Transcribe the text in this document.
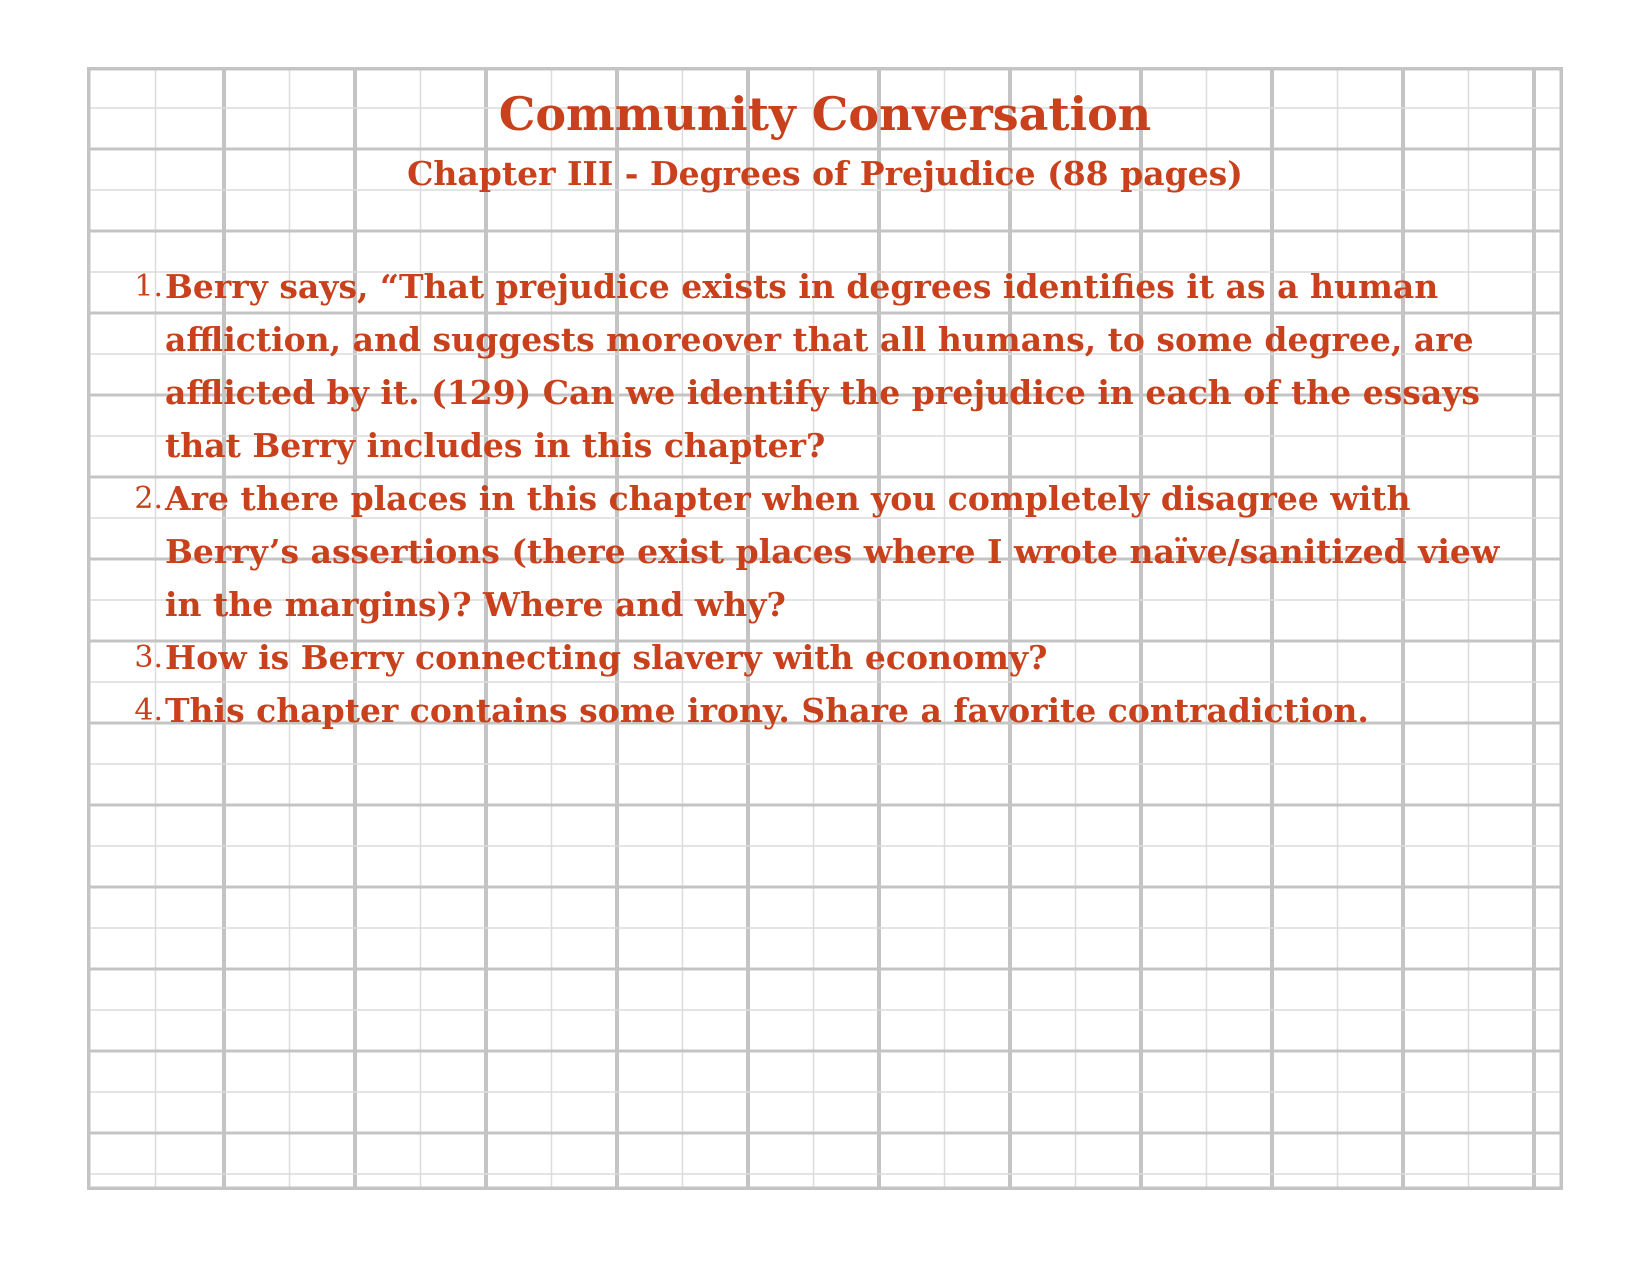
Community Conversation
Chapter III - Degrees of Prejudice (88 pages)
1. Berry says, “That prejudice exists in degrees identifies it as a human affliction, and suggests moreover that all humans, to some degree, are afflicted by it. (129) Can we identify the prejudice in each of the essays that Berry includes in this chapter?
2. Are there places in this chapter when you completely disagree with Berry’s assertions (there exist places where I wrote naïve/sanitized view in the margins)? Where and why?
3. How is Berry connecting slavery with economy?
4. This chapter contains some irony. Share a favorite contradiction.
